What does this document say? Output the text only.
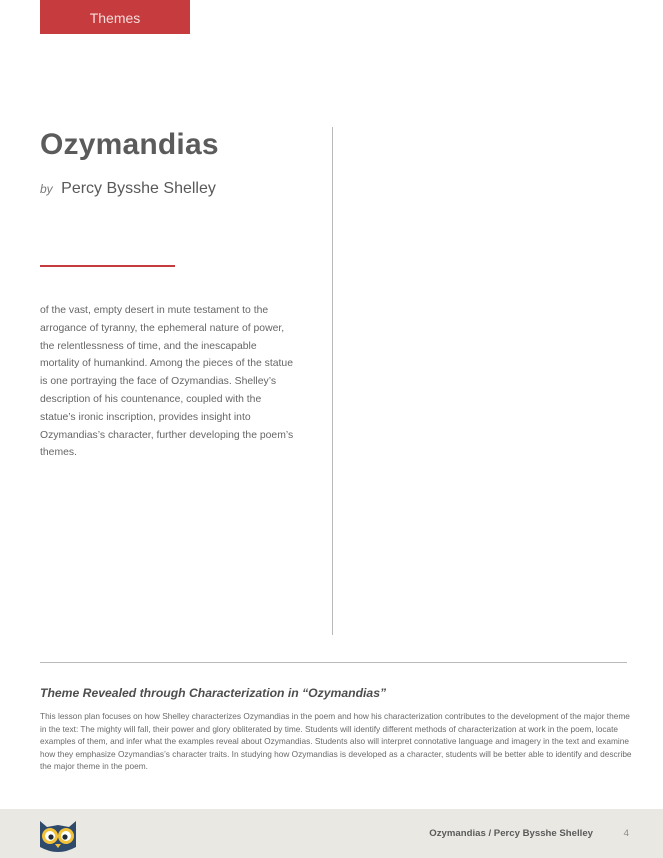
Themes
Ozymandias
by Percy Bysshe Shelley

of the vast, empty desert in mute testament to the arrogance of tyranny, the ephemeral nature of power, the relentlessness of time, and the inescapable mortality of humankind. Among the pieces of the statue is one portraying the face of Ozymandias. Shelley’s description of his countenance, coupled with the statue’s ironic inscription, provides insight into Ozymandias’s character, further developing the poem’s themes.

Theme Revealed through Characterization in “Ozymandias”

This lesson plan focuses on how Shelley characterizes Ozymandias in the poem and how his characterization contributes to the development of the major theme in the text: The mighty will fall, their power and glory obliterated by time. Students will identify different methods of characterization at work in the poem, locate examples of them, and infer what the examples reveal about Ozymandias. Students also will interpret connotative language and imagery in the text and examine how they emphasize Ozymandias’s character traits. In studying how Ozymandias is developed as a character, students will be better able to identify and describe the major theme in the poem.

Ozymandias / Percy Bysshe Shelley	4
